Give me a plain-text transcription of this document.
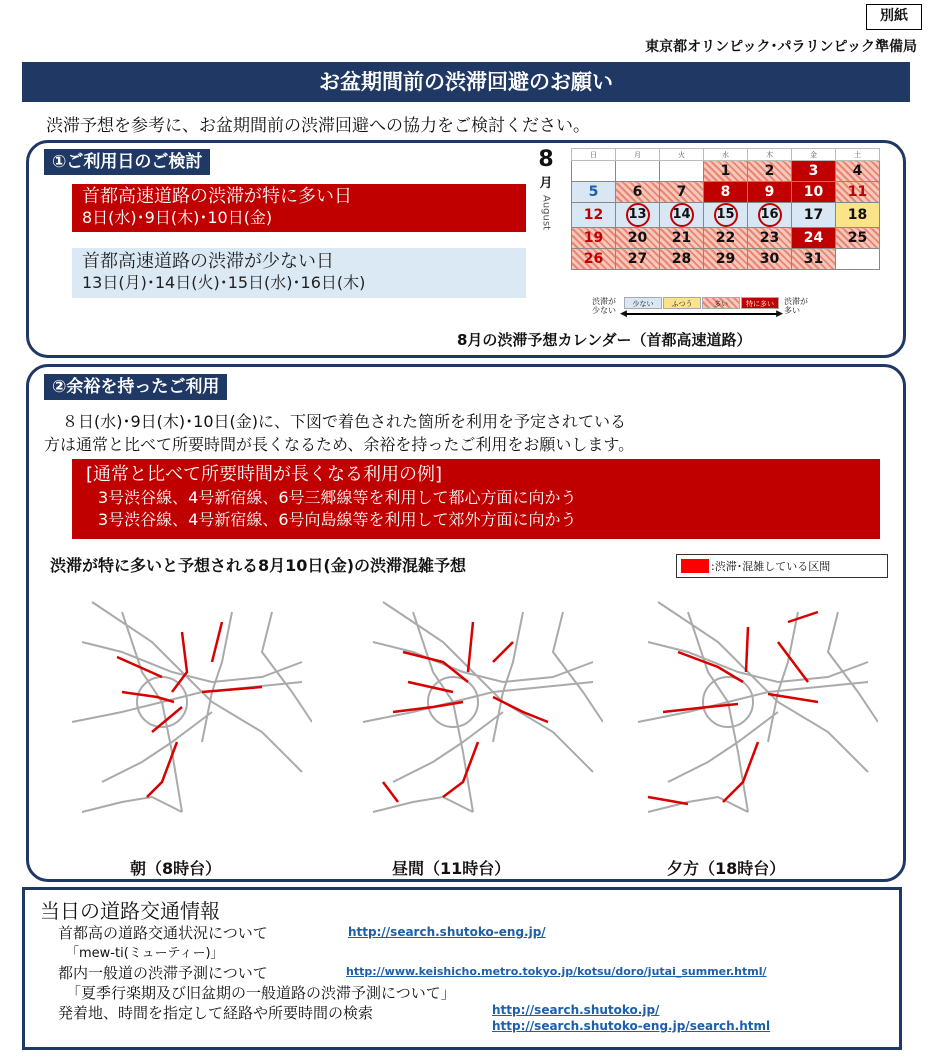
別紙
東京都オリンピック･パラリンピック準備局
お盆期間前の渋滞回避のお願い
渋滞予想を参考に、お盆期間前の渋滞回避への協力をご検討ください。
①ご利用日のご検討
首都高速道路の渋滞が特に多い日
8日(水)･9日(木)･10日(金)
首都高速道路の渋滞が少ない日
13日(月)･14日(火)･15日(水)･16日(木)
8
月
August
日	月	火	水	木	金	土
			1	2	3	4
5	6	7	8	9	10	11
12	13	14	15	16	17	18
19	20	21	22	23	24	25
26	27	28	29	30	31	
渋滞が少ない
少ない	ふつう	多い	特に多い
◀	▶
渋滞が多い
8月の渋滞予想カレンダー（首都高速道路）
②余裕を持ったご利用
８日(水)･9日(木)･10日(金)に、下図で着色された箇所を利用を予定されている
方は通常と比べて所要時間が長くなるため、余裕を持ったご利用をお願いします。
[通常と比べて所要時間が長くなる利用の例]
3号渋谷線、4号新宿線、6号三郷線等を利用して都心方面に向かう
3号渋谷線、4号新宿線、6号向島線等を利用して郊外方面に向かう
渋滞が特に多いと予想される8月10日(金)の渋滞混雑予想	:渋滞･混雑している区間
朝（8時台）	昼間（11時台）	夕方（18時台）
当日の道路交通情報
首都高の道路交通状況について	http://search.shutoko-eng.jp/
「mew-ti(ミューティー)」
都内一般道の渋滞予測について	http://www.keishicho.metro.tokyo.jp/kotsu/doro/jutai_summer.html/
「夏季行楽期及び旧盆期の一般道路の渋滞予測について」
発着地、時間を指定して経路や所要時間の検索	http://search.shutoko.jp/
http://search.shutoko-eng.jp/search.html
